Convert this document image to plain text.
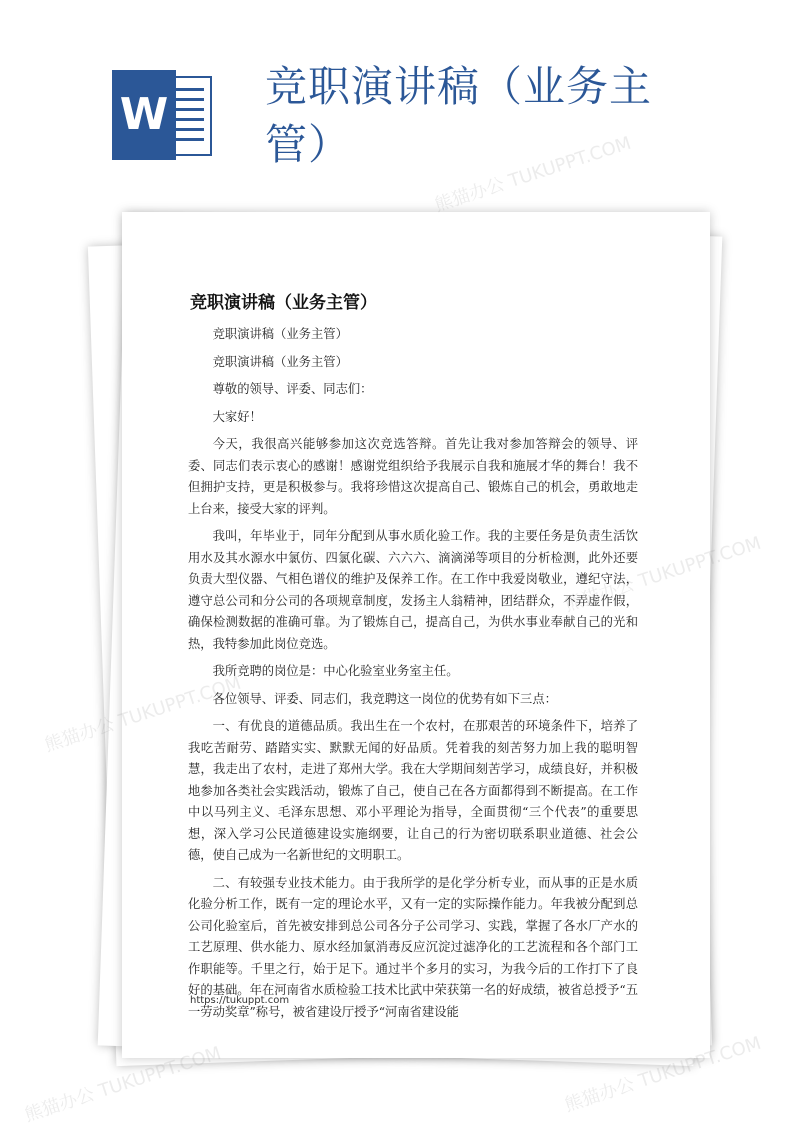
W
竞职演讲稿（业务主管）
竞职演讲稿（业务主管）

竞职演讲稿（业务主管）

竞职演讲稿（业务主管）

尊敬的领导、评委、同志们：

大家好！

今天，我很高兴能够参加这次竞选答辩。首先让我对参加答辩会的领导、评委、同志们表示衷心的感谢！感谢党组织给予我展示自我和施展才华的舞台！我不但拥护支持，更是积极参与。我将珍惜这次提高自己、锻炼自己的机会，勇敢地走上台来，接受大家的评判。

我叫，年毕业于，同年分配到从事水质化验工作。我的主要任务是负责生活饮用水及其水源水中氯仿、四氯化碳、六六六、滴滴涕等项目的分析检测，此外还要负责大型仪器、气相色谱仪的维护及保养工作。在工作中我爱岗敬业，遵纪守法，遵守总公司和分公司的各项规章制度，发扬主人翁精神，团结群众，不弄虚作假，确保检测数据的准确可靠。为了锻炼自己，提高自己，为供水事业奉献自己的光和热，我特参加此岗位竞选。

我所竞聘的岗位是：中心化验室业务室主任。

各位领导、评委、同志们，我竞聘这一岗位的优势有如下三点：

一、有优良的道德品质。我出生在一个农村，在那艰苦的环境条件下，培养了我吃苦耐劳、踏踏实实、默默无闻的好品质。凭着我的刻苦努力加上我的聪明智慧，我走出了农村，走进了郑州大学。我在大学期间刻苦学习，成绩良好，并积极地参加各类社会实践活动，锻炼了自己，使自己在各方面都得到不断提高。在工作中以马列主义、毛泽东思想、邓小平理论为指导，全面贯彻“三个代表”的重要思想，深入学习公民道德建设实施纲要，让自己的行为密切联系职业道德、社会公德，使自己成为一名新世纪的文明职工。

二、有较强专业技术能力。由于我所学的是化学分析专业，而从事的正是水质化验分析工作，既有一定的理论水平，又有一定的实际操作能力。年我被分配到总公司化验室后，首先被安排到总公司各分子公司学习、实践，掌握了各水厂产水的工艺原理、供水能力、原水经加氯消毒反应沉淀过滤净化的工艺流程和各个部门工作职能等。千里之行，始于足下。通过半个多月的实习，为我今后的工作打下了良好的基础。年在河南省水质检验工技术比武中荣获第一名的好成绩，被省总授予“五一劳动奖章”称号，被省建设厅授予“河南省建设能

https://tukuppt.com
熊猫办公
熊猫办公 TUKUPPT.COM	熊猫办公 TUKUPPT.COM
